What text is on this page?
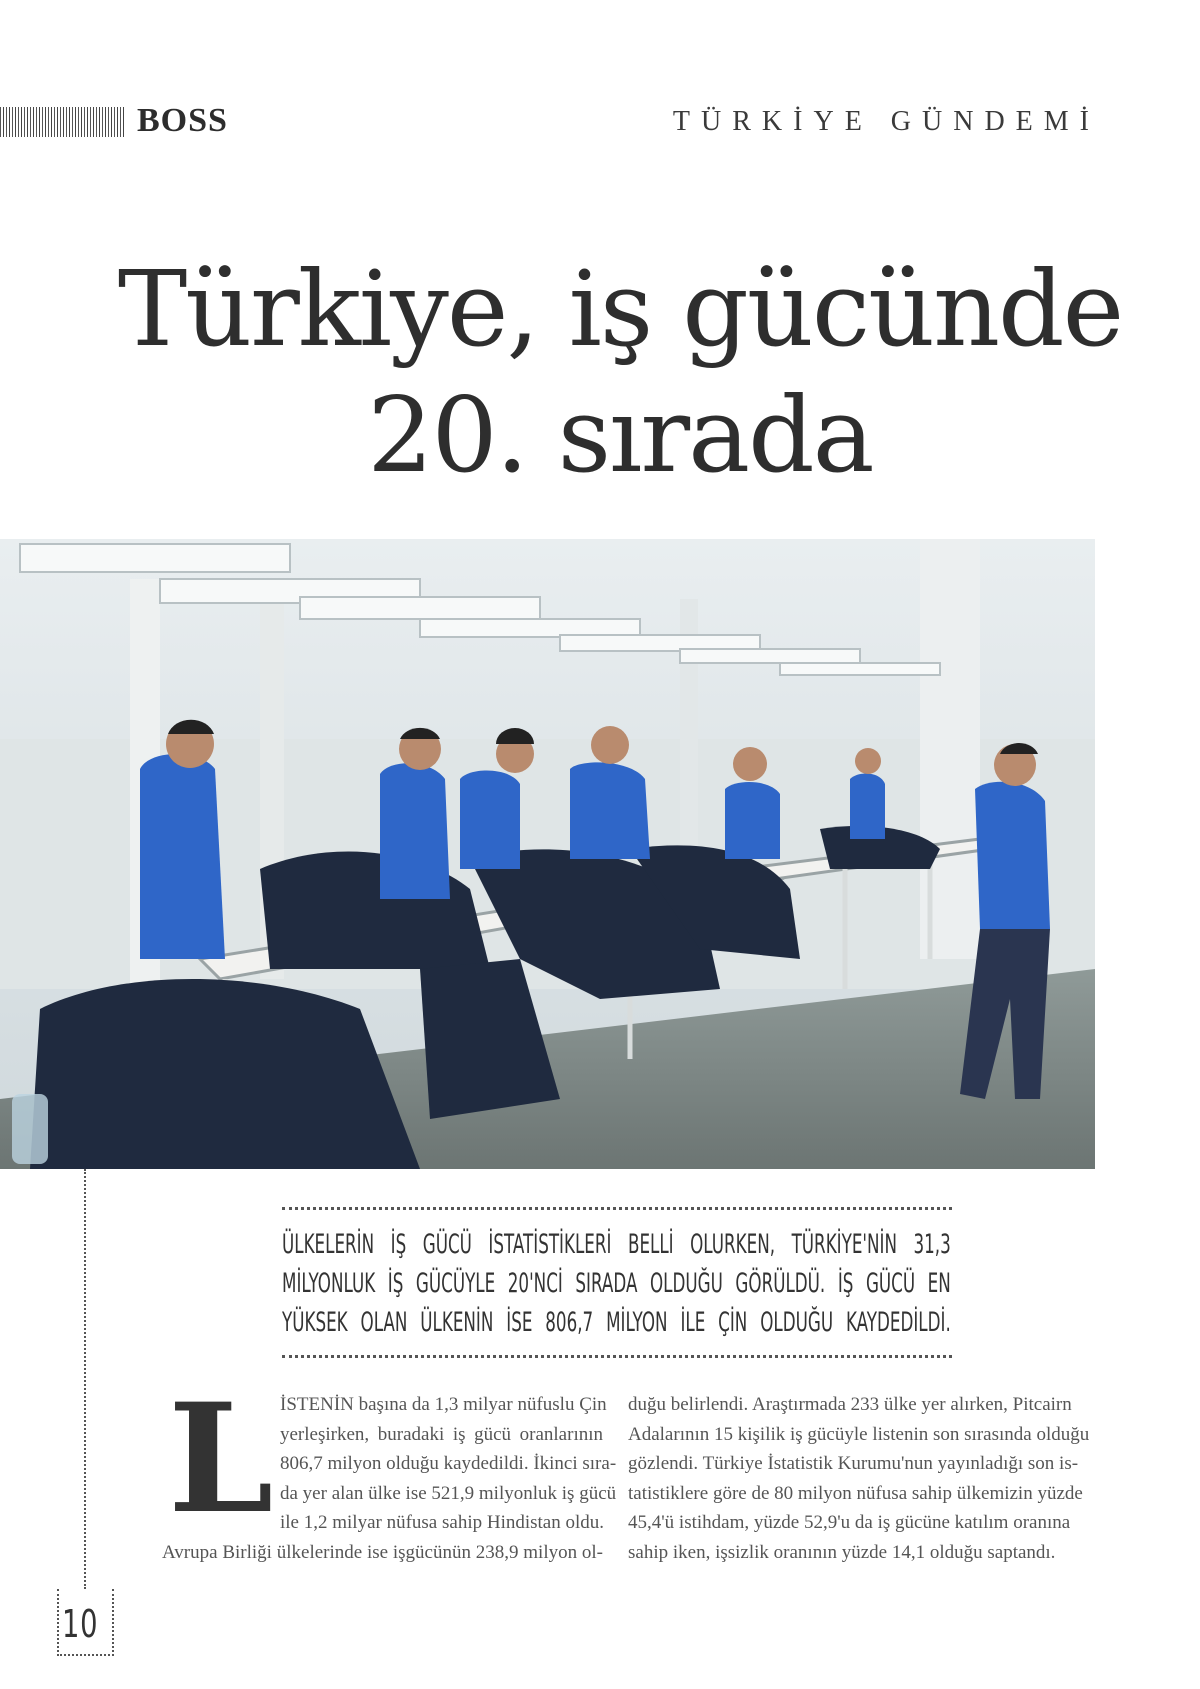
BOSS	TÜRKİYE GÜNDEMİ
Türkiye, iş gücünde
20. sırada
10
ÜLKELERİN İŞ GÜCÜ İSTATİSTİKLERİ BELLİ OLURKEN, TÜRKİYE'NİN 31,3
MİLYONLUK İŞ GÜCÜYLE 20'NCİ SIRADA OLDUĞU GÖRÜLDÜ. İŞ GÜCÜ EN
YÜKSEK OLAN ÜLKENİN İSE 806,7 MİLYON İLE ÇİN OLDUĞU KAYDEDİLDİ.
L İSTENİN başına da 1,3 milyar nüfuslu Çin
yerleşirken, buradaki iş gücü oranlarının
806,7 milyon olduğu kaydedildi. İkinci sıra-
da yer alan ülke ise 521,9 milyonluk iş gücü
ile 1,2 milyar nüfusa sahip Hindistan oldu.
Avrupa Birliği ülkelerinde ise işgücünün 238,9 milyon ol-
duğu belirlendi. Araştırmada 233 ülke yer alırken, Pitcairn
Adalarının 15 kişilik iş gücüyle listenin son sırasında olduğu
gözlendi. Türkiye İstatistik Kurumu'nun yayınladığı son is-
tatistiklere göre de 80 milyon nüfusa sahip ülkemizin yüzde
45,4'ü istihdam, yüzde 52,9'u da iş gücüne katılım oranına
sahip iken, işsizlik oranının yüzde 14,1 olduğu saptandı.
